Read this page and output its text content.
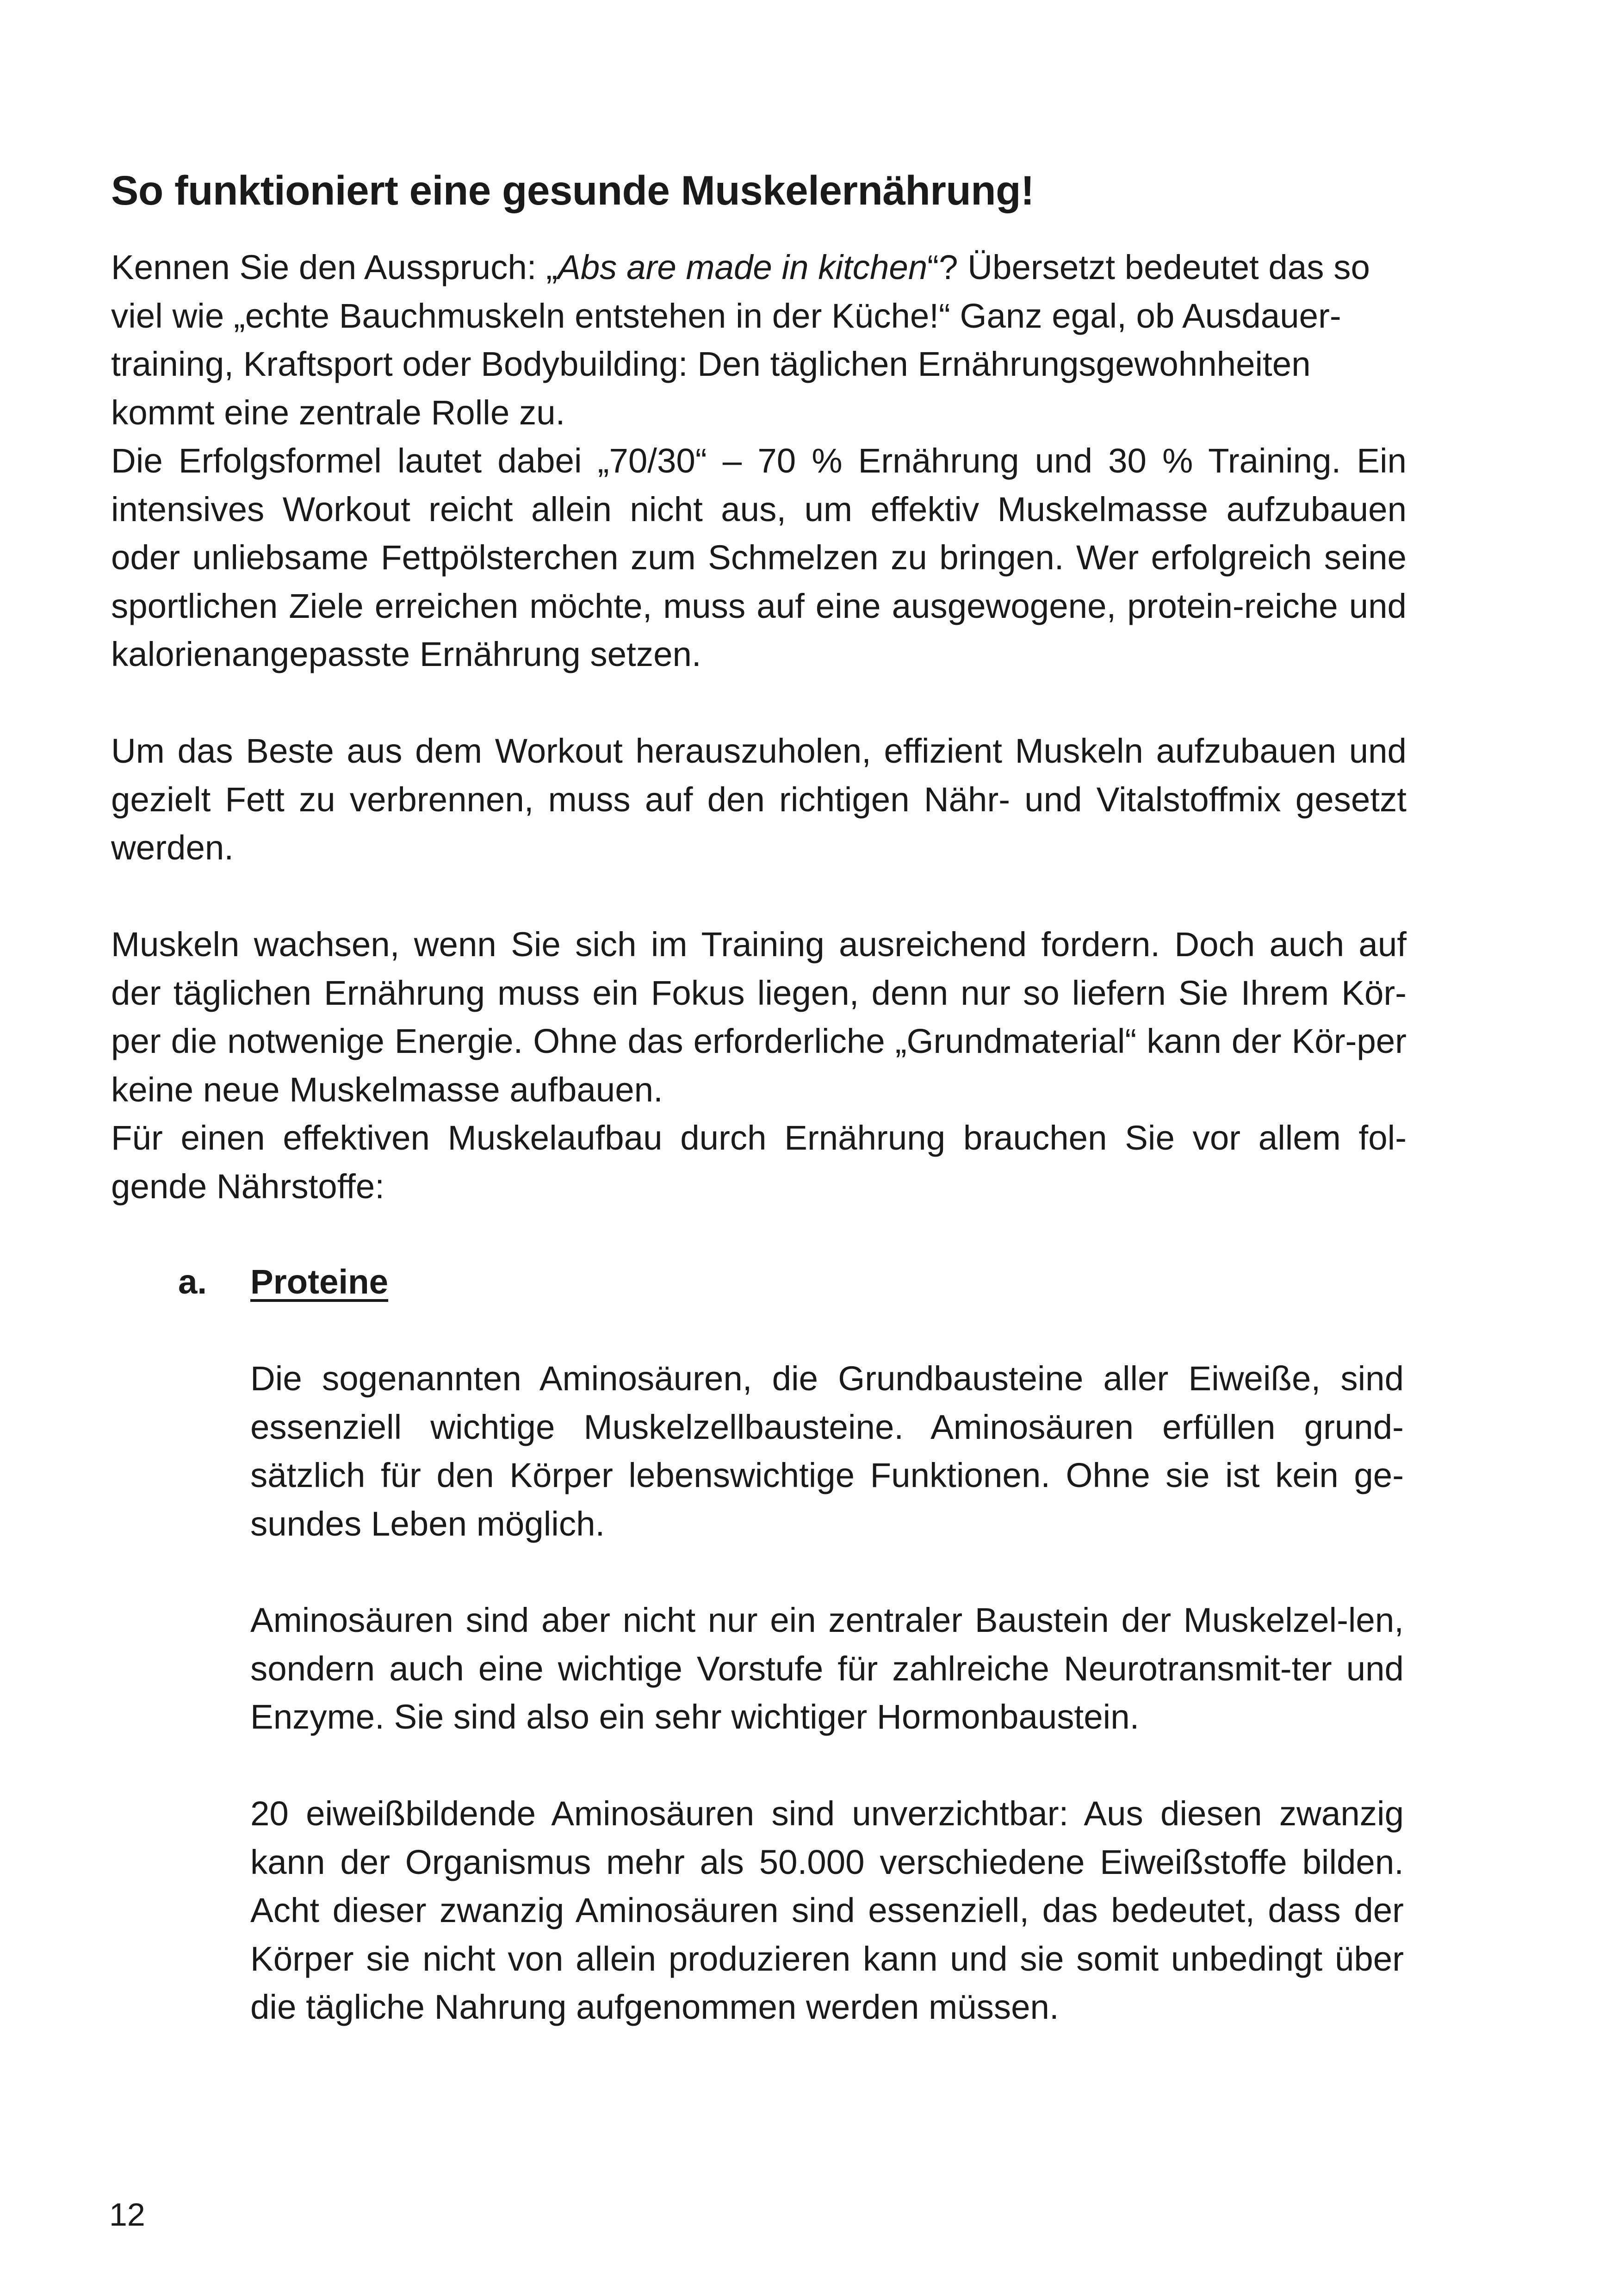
So funktioniert eine gesunde Muskelernährung!
Kennen Sie den Ausspruch: „Abs are made in kitchen“? Übersetzt bedeutet das so
viel wie „echte Bauchmuskeln entstehen in der Küche!“ Ganz egal, ob Ausdauer-
training, Kraftsport oder Bodybuilding: Den täglichen Ernährungsgewohnheiten
kommt eine zentrale Rolle zu.

Die Erfolgsformel lautet dabei „70/30“ – 70 % Ernährung und 30 % Training. Ein intensives Workout reicht allein nicht aus, um effektiv Muskelmasse aufzubauen oder unliebsame Fettpölsterchen zum Schmelzen zu bringen. Wer erfolgreich seine sportlichen Ziele erreichen möchte, muss auf eine ausgewogene, protein-reiche und kalorienangepasste Ernährung setzen.

Um das Beste aus dem Workout herauszuholen, effizient Muskeln aufzubauen und gezielt Fett zu verbrennen, muss auf den richtigen Nähr- und Vitalstoffmix gesetzt werden.

Muskeln wachsen, wenn Sie sich im Training ausreichend fordern. Doch auch auf der täglichen Ernährung muss ein Fokus liegen, denn nur so liefern Sie Ihrem Kör-per die notwenige Energie. Ohne das erforderliche „Grundmaterial“ kann der Kör-per keine neue Muskelmasse aufbauen.

Für einen effektiven Muskelaufbau durch Ernährung brauchen Sie vor allem fol-gende Nährstoffe:

a. Proteine

Die sogenannten Aminosäuren, die Grundbausteine aller Eiweiße, sind essenziell wichtige Muskelzellbausteine. Aminosäuren erfüllen grund-sätzlich für den Körper lebenswichtige Funktionen. Ohne sie ist kein ge-sundes Leben möglich.

Aminosäuren sind aber nicht nur ein zentraler Baustein der Muskelzel-len, sondern auch eine wichtige Vorstufe für zahlreiche Neurotransmit-ter und Enzyme. Sie sind also ein sehr wichtiger Hormonbaustein.

20 eiweißbildende Aminosäuren sind unverzichtbar: Aus diesen zwanzig kann der Organismus mehr als 50.000 verschiedene Eiweißstoffe bilden. Acht dieser zwanzig Aminosäuren sind essenziell, das bedeutet, dass der Körper sie nicht von allein produzieren kann und sie somit unbedingt über die tägliche Nahrung aufgenommen werden müssen.

12
